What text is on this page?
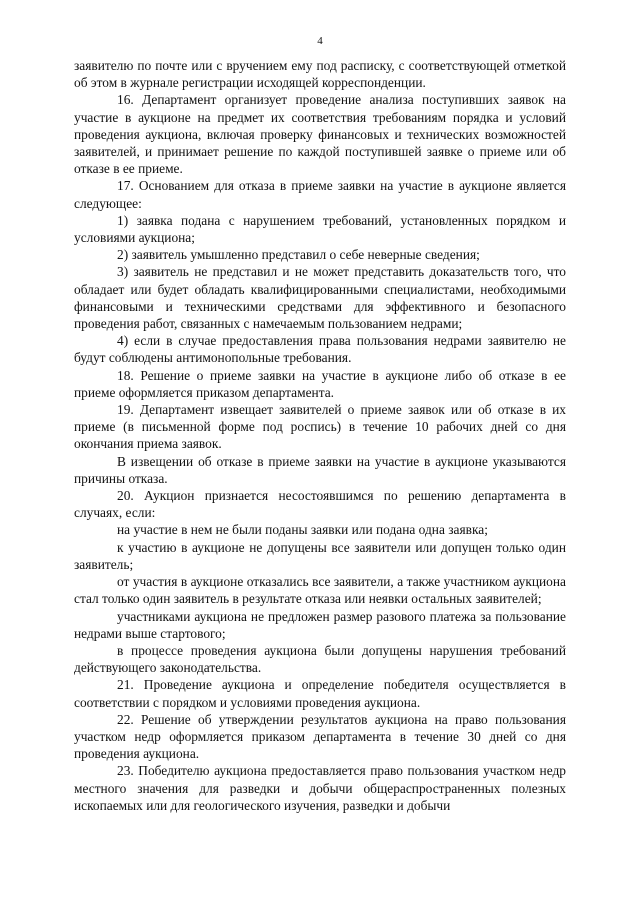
4

заявителю по почте или с вручением ему под расписку, с соответствующей отметкой об этом в журнале регистрации исходящей корреспонденции.

16. Департамент организует проведение анализа поступивших заявок на участие в аукционе на предмет их соответствия требованиям порядка и условий проведения аукциона, включая проверку финансовых и технических возможностей заявителей, и принимает решение по каждой поступившей заявке о приеме или об отказе в ее приеме.

17. Основанием для отказа в приеме заявки на участие в аукционе является следующее:

1) заявка подана с нарушением требований, установленных порядком и условиями аукциона;

2) заявитель умышленно представил о себе неверные сведения;

3) заявитель не представил и не может представить доказательств того, что обладает или будет обладать квалифицированными специалистами, необходимыми финансовыми и техническими средствами для эффективного и безопасного проведения работ, связанных с намечаемым пользованием недрами;

4) если в случае предоставления права пользования недрами заявителю не будут соблюдены антимонопольные требования.

18. Решение о приеме заявки на участие в аукционе либо об отказе в ее приеме оформляется приказом департамента.

19. Департамент извещает заявителей о приеме заявок или об отказе в их приеме (в письменной форме под роспись) в течение 10 рабочих дней со дня окончания приема заявок.

В извещении об отказе в приеме заявки на участие в аукционе указываются причины отказа.

20. Аукцион признается несостоявшимся по решению департамента в случаях, если:

на участие в нем не были поданы заявки или подана одна заявка;

к участию в аукционе не допущены все заявители или допущен только один заявитель;

от участия в аукционе отказались все заявители, а также участником аукциона стал только один заявитель в результате отказа или неявки остальных заявителей;

участниками аукциона не предложен размер разового платежа за пользование недрами выше стартового;

в процессе проведения аукциона были допущены нарушения требований действующего законодательства.

21. Проведение аукциона и определение победителя осуществляется в соответствии с порядком и условиями проведения аукциона.

22. Решение об утверждении результатов аукциона на право пользования участком недр оформляется приказом департамента в течение 30 дней со дня проведения аукциона.

23. Победителю аукциона предоставляется право пользования участком недр местного значения для разведки и добычи общераспространенных полезных ископаемых или для геологического изучения, разведки и добычи
